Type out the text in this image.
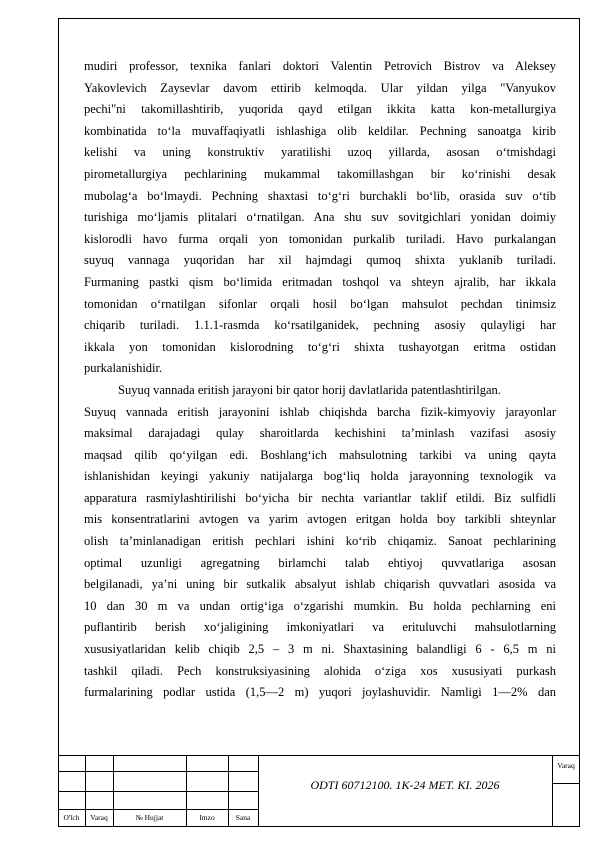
mudiri professor, texnika fanlari doktori Valentin Petrovich Bistrov va Aleksey
Yakovlevich Zaysevlar davom ettirib kelmoqda. Ular yildan yilga "Vanyukov
pechi"ni takomillashtirib, yuqorida qayd etilgan ikkita katta kon-metallurgiya
kombinatida to‘la muvaffaqiyatli ishlashiga olib keldilar. Pechning sanoatga kirib
kelishi va uning konstruktiv yaratilishi uzoq yillarda, asosan o‘tmishdagi
pirometallurgiya pechlarining mukammal takomillashgan bir ko‘rinishi desak
mubolag‘a bo‘lmaydi. Pechning shaxtasi to‘g‘ri burchakli bo‘lib, orasida suv o‘tib
turishiga mo‘ljamis plitalari o‘rnatilgan. Ana shu suv sovitgichlari yonidan doimiy
kislorodli havo furma orqali yon tomonidan purkalib turiladi. Havo purkalangan
suyuq vannaga yuqoridan har xil hajmdagi qumoq shixta yuklanib turiladi.
Furmaning pastki qism bo‘limida eritmadan toshqol va shteyn ajralib, har ikkala
tomonidan o‘rnatilgan sifonlar orqali hosil bo‘lgan mahsulot pechdan tinimsiz
chiqarib turiladi. 1.1.1-rasmda ko‘rsatilganidek, pechning asosiy qulayligi har
ikkala yon tomonidan kislorodning to‘g‘ri shixta tushayotgan eritma ostidan
purkalanishidir.
Suyuq vannada eritish jarayoni bir qator horij davlatlarida patentlashtirilgan.
Suyuq vannada eritish jarayonini ishlab chiqishda barcha fizik-kimyoviy jarayonlar
maksimal darajadagi qulay sharoitlarda kechishini ta’minlash vazifasi asosiy
maqsad qilib qo‘yilgan edi. Boshlang‘ich mahsulotning tarkibi va uning qayta
ishlanishidan keyingi yakuniy natijalarga bog‘liq holda jarayonning texnologik va
apparatura rasmiylashtirilishi bo‘yicha bir nechta variantlar taklif etildi. Biz sulfidli
mis konsentratlarini avtogen va yarim avtogen eritgan holda boy tarkibli shteynlar
olish ta’minlanadigan eritish pechlari ishini ko‘rib chiqamiz. Sanoat pechlarining
optimal uzunligi agregatning birlamchi talab ehtiyoj quvvatlariga asosan
belgilanadi, ya’ni uning bir sutkalik absalyut ishlab chiqarish quvvatlari asosida va
10 dan 30 m va undan ortig‘iga o‘zgarishi mumkin. Bu holda pechlarning eni
puflantirib berish xo‘jaligining imkoniyatlari va erituluvchi mahsulotlarning
xususiyatlaridan kelib chiqib 2,5 – 3 m ni. Shaxtasining balandligi 6 - 6,5 m ni
tashkil qiladi. Pech konstruksiyasining alohida o‘ziga xos xususiyati purkash
furmalarining podlar ustida (1,5—2 m) yuqori joylashuvidir. Namligi 1—2% dan
O'lch	Varaq	№ Hujjat	Imzo	Sana
ODTI 60712100. 1K-24 MET. KI. 2026
Varaq
